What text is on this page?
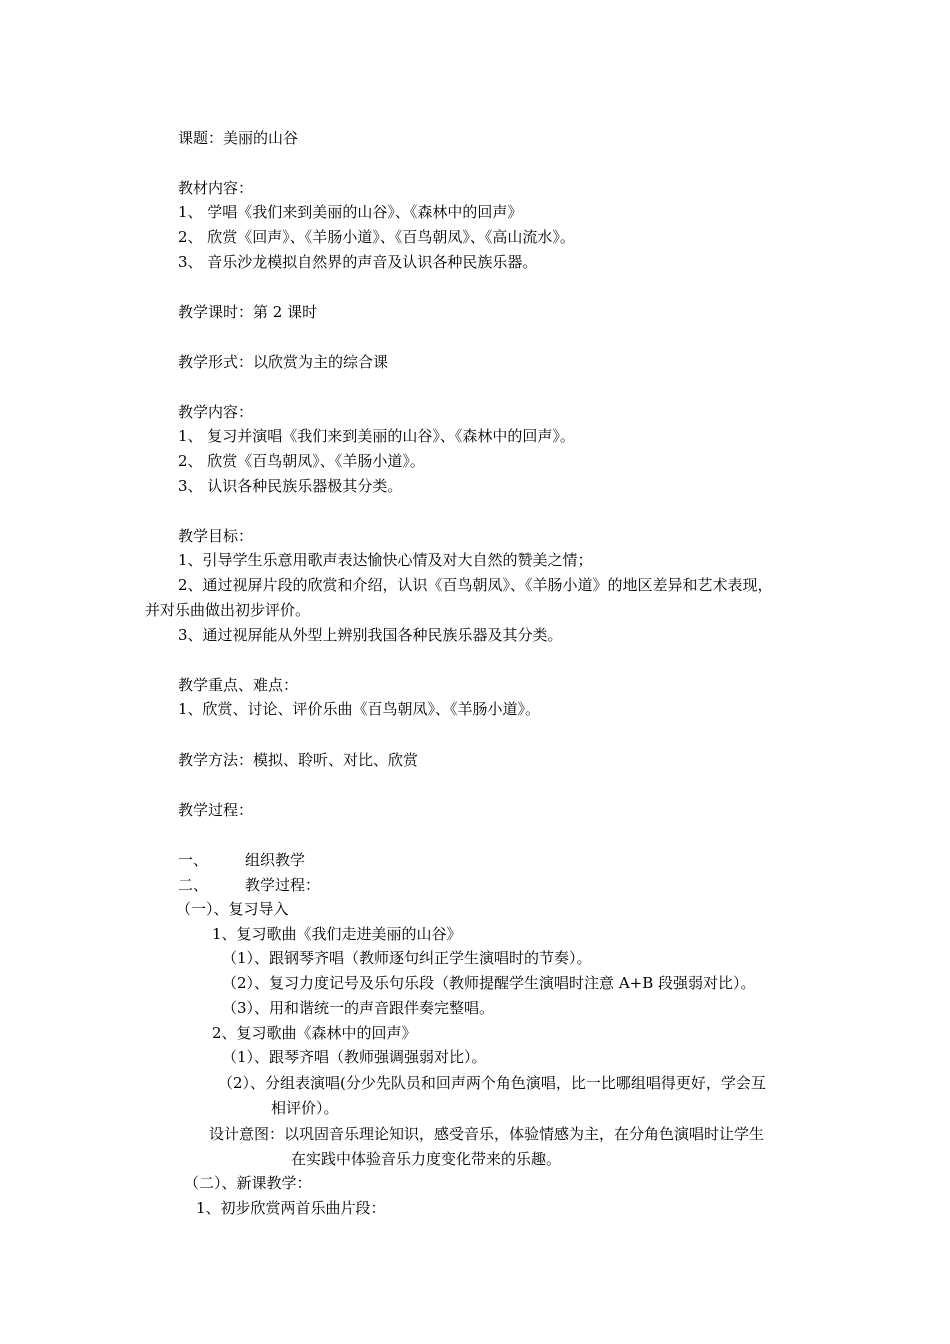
课题：美丽的山谷
教材内容：
1、 学唱《我们来到美丽的山谷》、《森林中的回声》
2、 欣赏《回声》、《羊肠小道》、《百鸟朝凤》、《高山流水》。
3、 音乐沙龙模拟自然界的声音及认识各种民族乐器。
教学课时：第 2 课时
教学形式：以欣赏为主的综合课
教学内容：
1、 复习并演唱《我们来到美丽的山谷》、《森林中的回声》。
2、 欣赏《百鸟朝凤》、《羊肠小道》。
3、 认识各种民族乐器极其分类。
教学目标：
1、引导学生乐意用歌声表达愉快心情及对大自然的赞美之情；
2、通过视屏片段的欣赏和介绍，认识《百鸟朝凤》、《羊肠小道》的地区差异和艺术表现，
并对乐曲做出初步评价。
3、通过视屏能从外型上辨别我国各种民族乐器及其分类。
教学重点、难点：
1、欣赏、讨论、评价乐曲《百鸟朝凤》、《羊肠小道》。
教学方法：模拟、聆听、对比、欣赏
教学过程：
一、 组织教学
二、 教学过程：
（一）、复习导入
1、复习歌曲《我们走进美丽的山谷》
（1）、跟钢琴齐唱（教师逐句纠正学生演唱时的节奏）。
（2）、复习力度记号及乐句乐段（教师提醒学生演唱时注意 A+B 段强弱对比）。
（3）、用和谐统一的声音跟伴奏完整唱。
2、复习歌曲《森林中的回声》
（1）、跟琴齐唱（教师强调强弱对比）。
（2）、分组表演唱(分少先队员和回声两个角色演唱，比一比哪组唱得更好，学会互
相评价）。
设计意图：以巩固音乐理论知识，感受音乐，体验情感为主，在分角色演唱时让学生
在实践中体验音乐力度变化带来的乐趣。
（二）、新课教学：
1、初步欣赏两首乐曲片段：
